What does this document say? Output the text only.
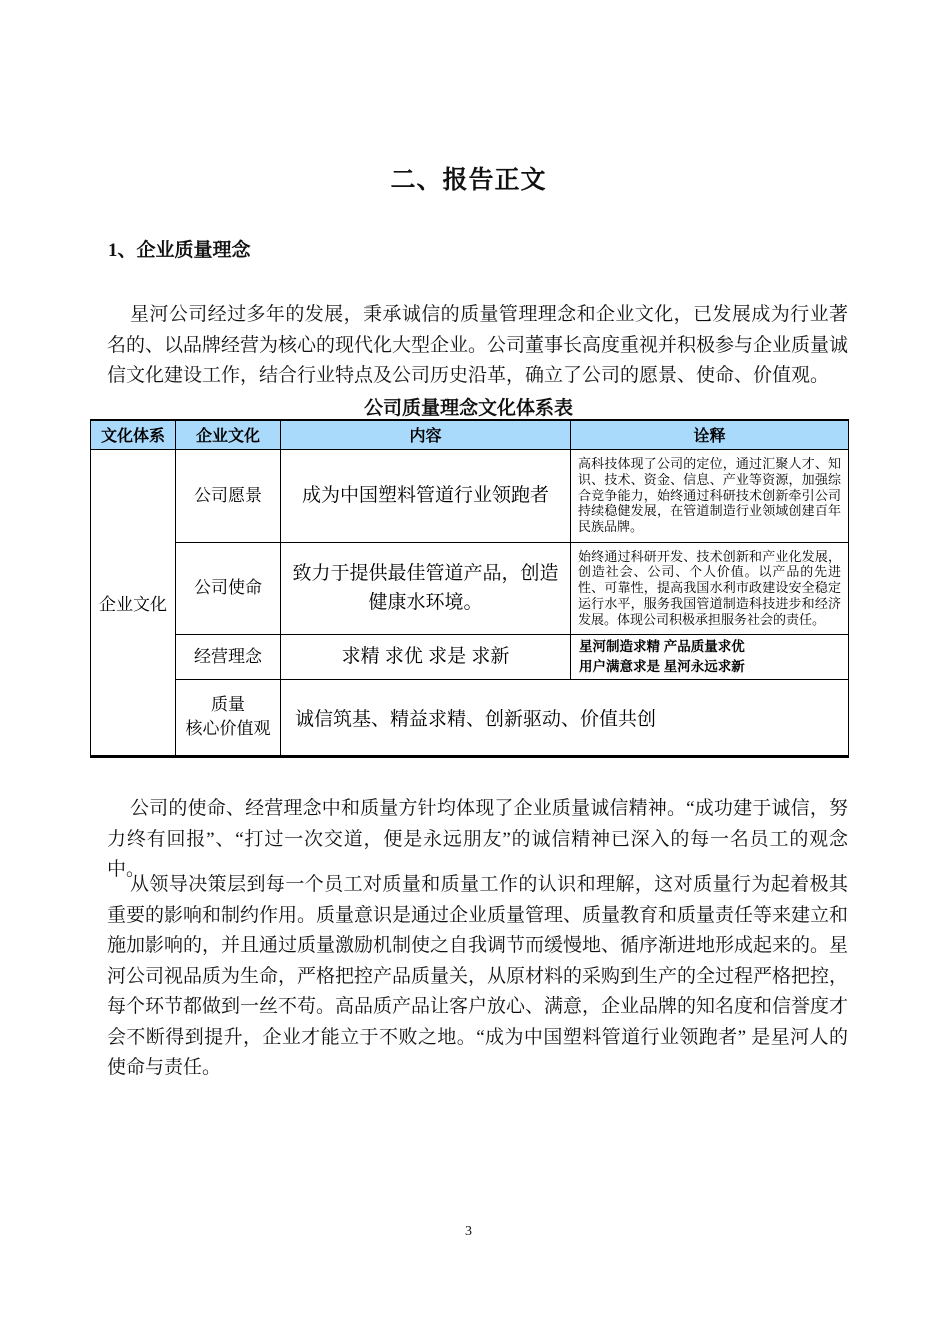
二、报告正文
1、企业质量理念

星河公司经过多年的发展，秉承诚信的质量管理理念和企业文化，已发展成为行业著名的、以品牌经营为核心的现代化大型企业。公司董事长高度重视并积极参与企业质量诚信文化建设工作，结合行业特点及公司历史沿革，确立了公司的愿景、使命、价值观。

公司质量理念文化体系表
文化体系	企业文化	内容	诠释
企业文化	公司愿景	成为中国塑料管道行业领跑者	高科技体现了公司的定位，通过汇聚人才、知识、技术、资金、信息、产业等资源，加强综合竞争能力，始终通过科研技术创新牵引公司持续稳健发展，在管道制造行业领域创建百年民族品牌。
	公司使命	致力于提供最佳管道产品，创造健康水环境。	始终通过科研开发、技术创新和产业化发展，创造社会、公司、个人价值。以产品的先进性、可靠性，提高我国水利市政建设安全稳定运行水平，服务我国管道制造科技进步和经济发展。体现公司积极承担服务社会的责任。
	经营理念	求精 求优 求是 求新	星河制造求精 产品质量求优
用户满意求是 星河永远求新

	质量
核心价值观	诚信筑基、精益求精、创新驱动、价值共创	

公司的使命、经营理念中和质量方针均体现了企业质量诚信精神。“成功建于诚信，努力终有回报”、“打过一次交道，便是永远朋友”的诚信精神已深入的每一名员工的观念中。

从领导决策层到每一个员工对质量和质量工作的认识和理解，这对质量行为起着极其重要的影响和制约作用。质量意识是通过企业质量管理、质量教育和质量责任等来建立和施加影响的，并且通过质量激励机制使之自我调节而缓慢地、循序渐进地形成起来的。星河公司视品质为生命，严格把控产品质量关，从原材料的采购到生产的全过程严格把控，每个环节都做到一丝不苟。高品质产品让客户放心、满意，企业品牌的知名度和信誉度才会不断得到提升，企业才能立于不败之地。“成为中国塑料管道行业领跑者” 是星河人的使命与责任。

3
